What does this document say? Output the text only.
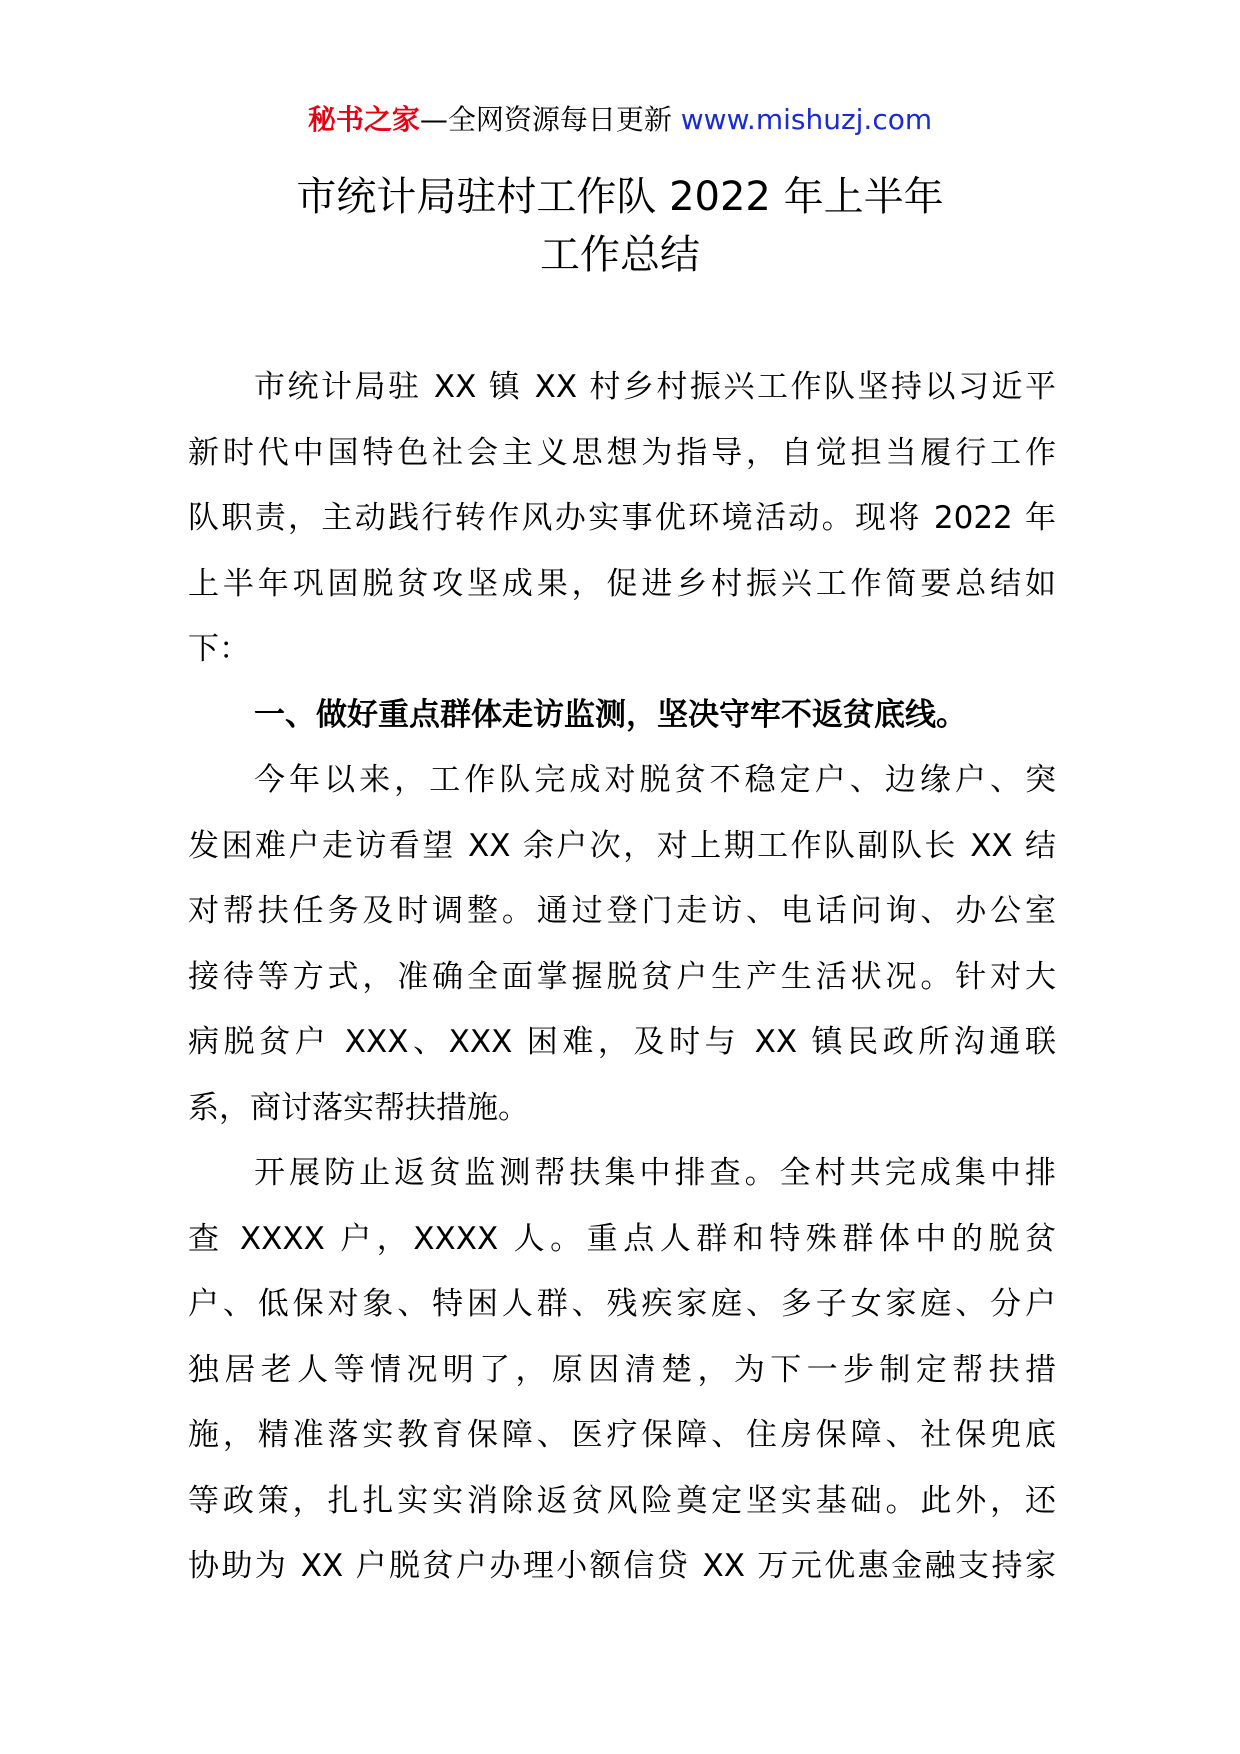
秘书之家—全网资源每日更新 www.mishuzj.com
市统计局驻村工作队 2022 年上半年
工作总结
市统计局驻 XX 镇 XX 村乡村振兴工作队坚持以习近平
新时代中国特色社会主义思想为指导，自觉担当履行工作
队职责，主动践行转作风办实事优环境活动。现将 2022 年
上半年巩固脱贫攻坚成果，促进乡村振兴工作简要总结如
下：
一、做好重点群体走访监测，坚决守牢不返贫底线。
今年以来，工作队完成对脱贫不稳定户、边缘户、突
发困难户走访看望 XX 余户次，对上期工作队副队长 XX 结
对帮扶任务及时调整。通过登门走访、电话问询、办公室
接待等方式，准确全面掌握脱贫户生产生活状况。针对大
病脱贫户 XXX、XXX 困难，及时与 XX 镇民政所沟通联
系，商讨落实帮扶措施。
开展防止返贫监测帮扶集中排查。全村共完成集中排
查 XXXX 户，XXXX 人。重点人群和特殊群体中的脱贫
户、低保对象、特困人群、残疾家庭、多子女家庭、分户
独居老人等情况明了，原因清楚，为下一步制定帮扶措
施，精准落实教育保障、医疗保障、住房保障、社保兜底
等政策，扎扎实实消除返贫风险奠定坚实基础。此外，还
协助为 XX 户脱贫户办理小额信贷 XX 万元优惠金融支持家
